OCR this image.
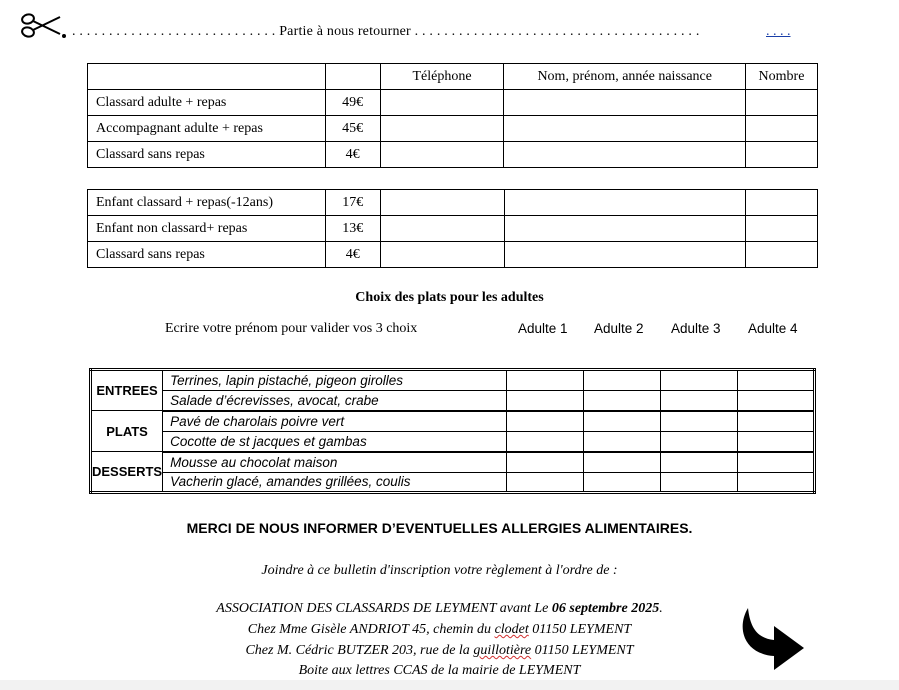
. . . . . . . . . . . . . . . . . . . . . . . . . . . . Partie à nous retourner . . . . . . . . . . . . . . . . . . . . . . . . . . . . . . . . . . . . . . .	. . . .
		Téléphone	Nom, prénom, année naissance	Nombre
Classard adulte + repas	49€			
Accompagnant adulte + repas	45€			
Classard sans repas	4€			
Enfant classard + repas(-12ans)	17€			
Enfant non classard+ repas	13€			
Classard sans repas	4€			
Choix des plats pour les adultes
Ecrire votre prénom pour valider vos 3 choix	Adulte 1 Adulte 2 Adulte 3 Adulte 4
ENTREES	Terrines, lapin pistaché, pigeon girolles				
	Salade d’écrevisses, avocat, crabe				
PLATS	Pavé de charolais poivre vert				
	Cocotte de st jacques et gambas				
DESSERTS	Mousse au chocolat maison				
	Vacherin glacé, amandes grillées, coulis				
MERCI DE NOUS INFORMER D’EVENTUELLES ALLERGIES ALIMENTAIRES.
Joindre à ce bulletin d'inscription votre règlement à l'ordre de :
ASSOCIATION DES CLASSARDS DE LEYMENT avant Le 06 septembre 2025.
Chez Mme Gisèle ANDRIOT 45, chemin du clodet 01150 LEYMENT
Chez M. Cédric BUTZER 203, rue de la guillotière 01150 LEYMENT
Boite aux lettres CCAS de la mairie de LEYMENT
